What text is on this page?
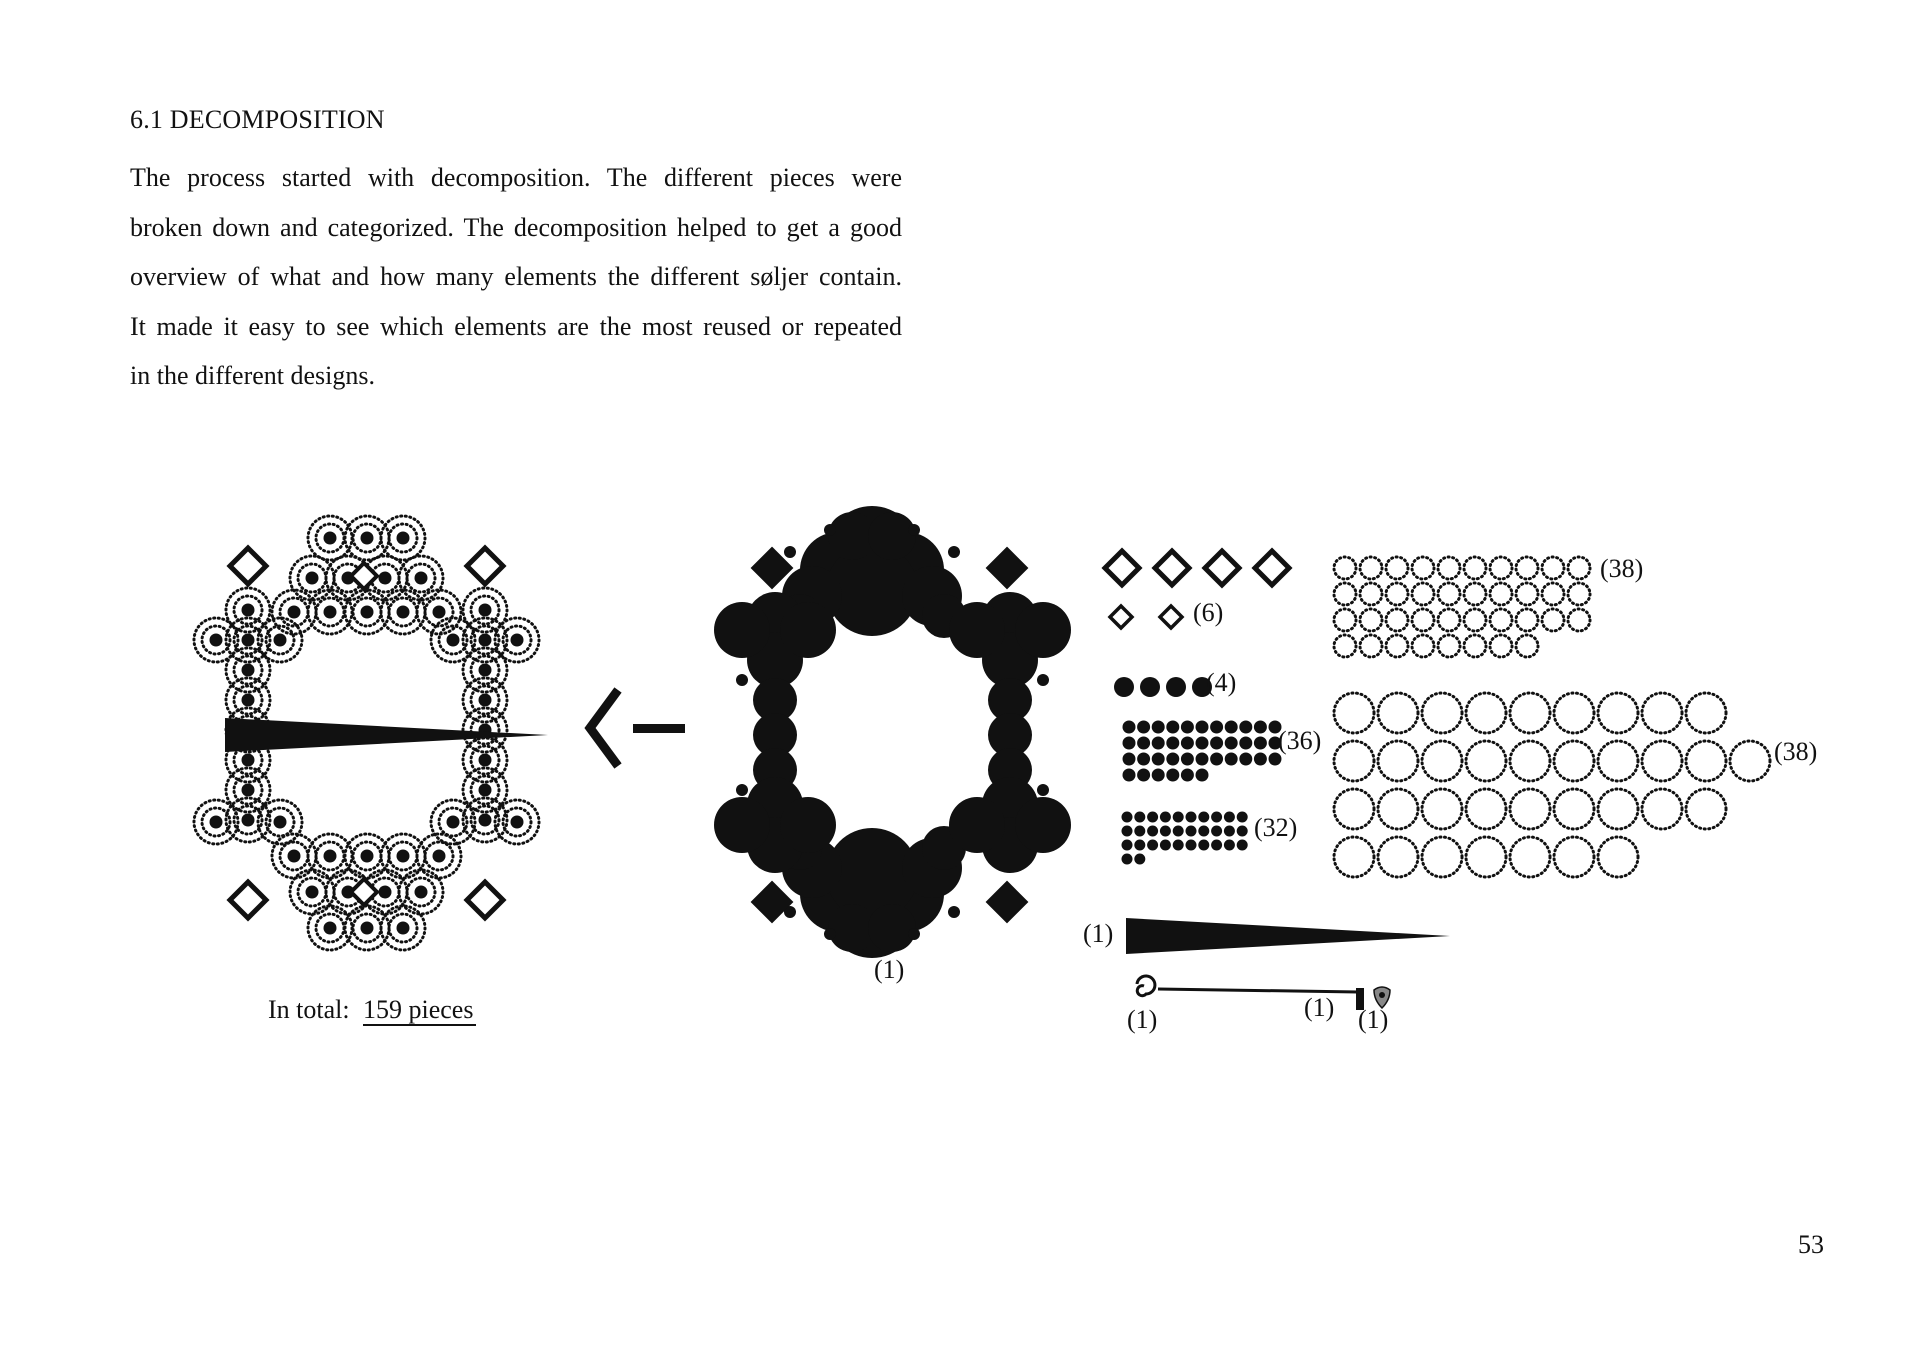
6.1 DECOMPOSITION
The process started with decomposition. The different pieces were
broken down and categorized. The decomposition helped to get a good
overview of what and how many elements the different søljer contain.
It made it easy to see which elements are the most reused or repeated
in the different designs.
In total: 159 pieces
(1)
(6)
(4)
(36)
(32)
(38)
(38)
(1)
(1)	(1) (1)
53
